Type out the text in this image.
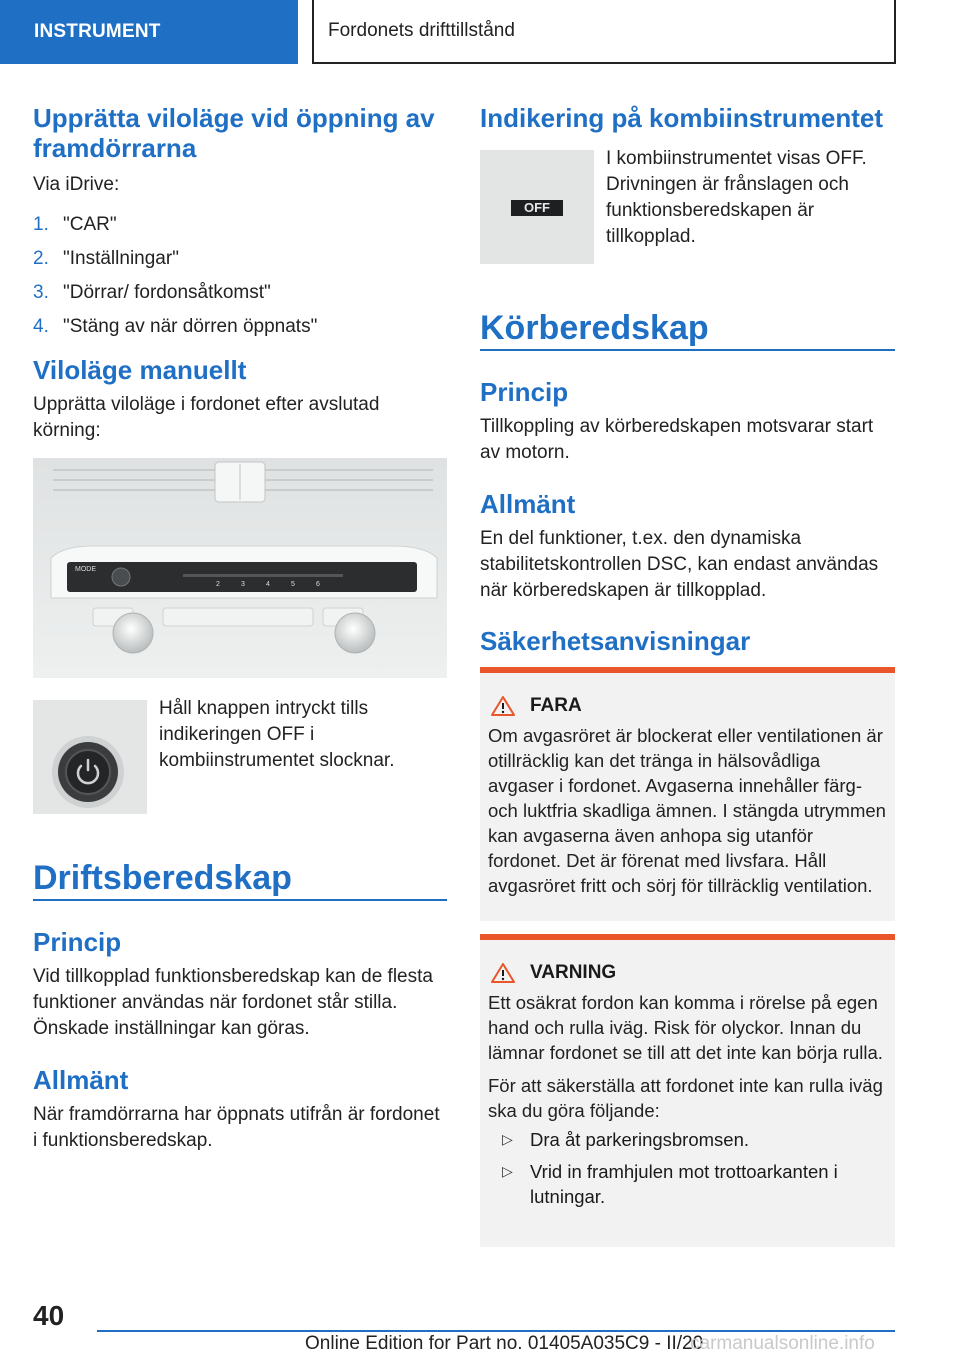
INSTRUMENT	Fordonets drifttillstånd
Upprätta viloläge vid öppning av framdörrarna

Via iDrive:

1. "CAR"
2. "Inställningar"
3. "Dörrar/ fordonsåtkomst"
4. "Stäng av när dörren öppnats"
Viloläge manuellt

Upprätta viloläge i fordonet efter avslutad körning:

MODE
2	3	4	5	6

Håll knappen intryckt tills indikeringen OFF i kombiinstrumentet slocknar.

Driftsberedskap
Princip

Vid tillkopplad funktionsberedskap kan de flesta funktioner användas när fordonet står stilla. Önskade inställningar kan göras.

Allmänt

När framdörrarna har öppnats utifrån är fordonet i funktionsberedskap.

Indikering på kombiinstrumentet
OFF

I kombiinstrumentet visas OFF. Drivningen är frånslagen och funktionsberedskapen är tillkopplad.

Körberedskap
Princip

Tillkoppling av körberedskapen motsvarar start av motorn.

Allmänt

En del funktioner, t.ex. den dynamiska stabilitetskontrollen DSC, kan endast användas när körberedskapen är tillkopplad.

Säkerhetsanvisningar
FARA

Om avgasröret är blockerat eller ventilationen är otillräcklig kan det tränga in hälsovådliga avgaser i fordonet. Avgaserna innehåller färg- och luktfria skadliga ämnen. I stängda utrymmen kan avgaserna även anhopa sig utanför fordonet. Det är förenat med livsfara. Håll avgasröret fritt och sörj för tillräcklig ventilation.

VARNING

Ett osäkrat fordon kan komma i rörelse på egen hand och rulla iväg. Risk för olyckor. Innan du lämnar fordonet se till att det inte kan börja rulla.

För att säkerställa att fordonet inte kan rulla iväg ska du göra följande:

▷ Dra åt parkeringsbromsen.
▷ Vrid in framhjulen mot trottoarkanten i lutningar.
40
Online Edition for Part no. 01405A035C9 - II/20
carmanualsonline.info
